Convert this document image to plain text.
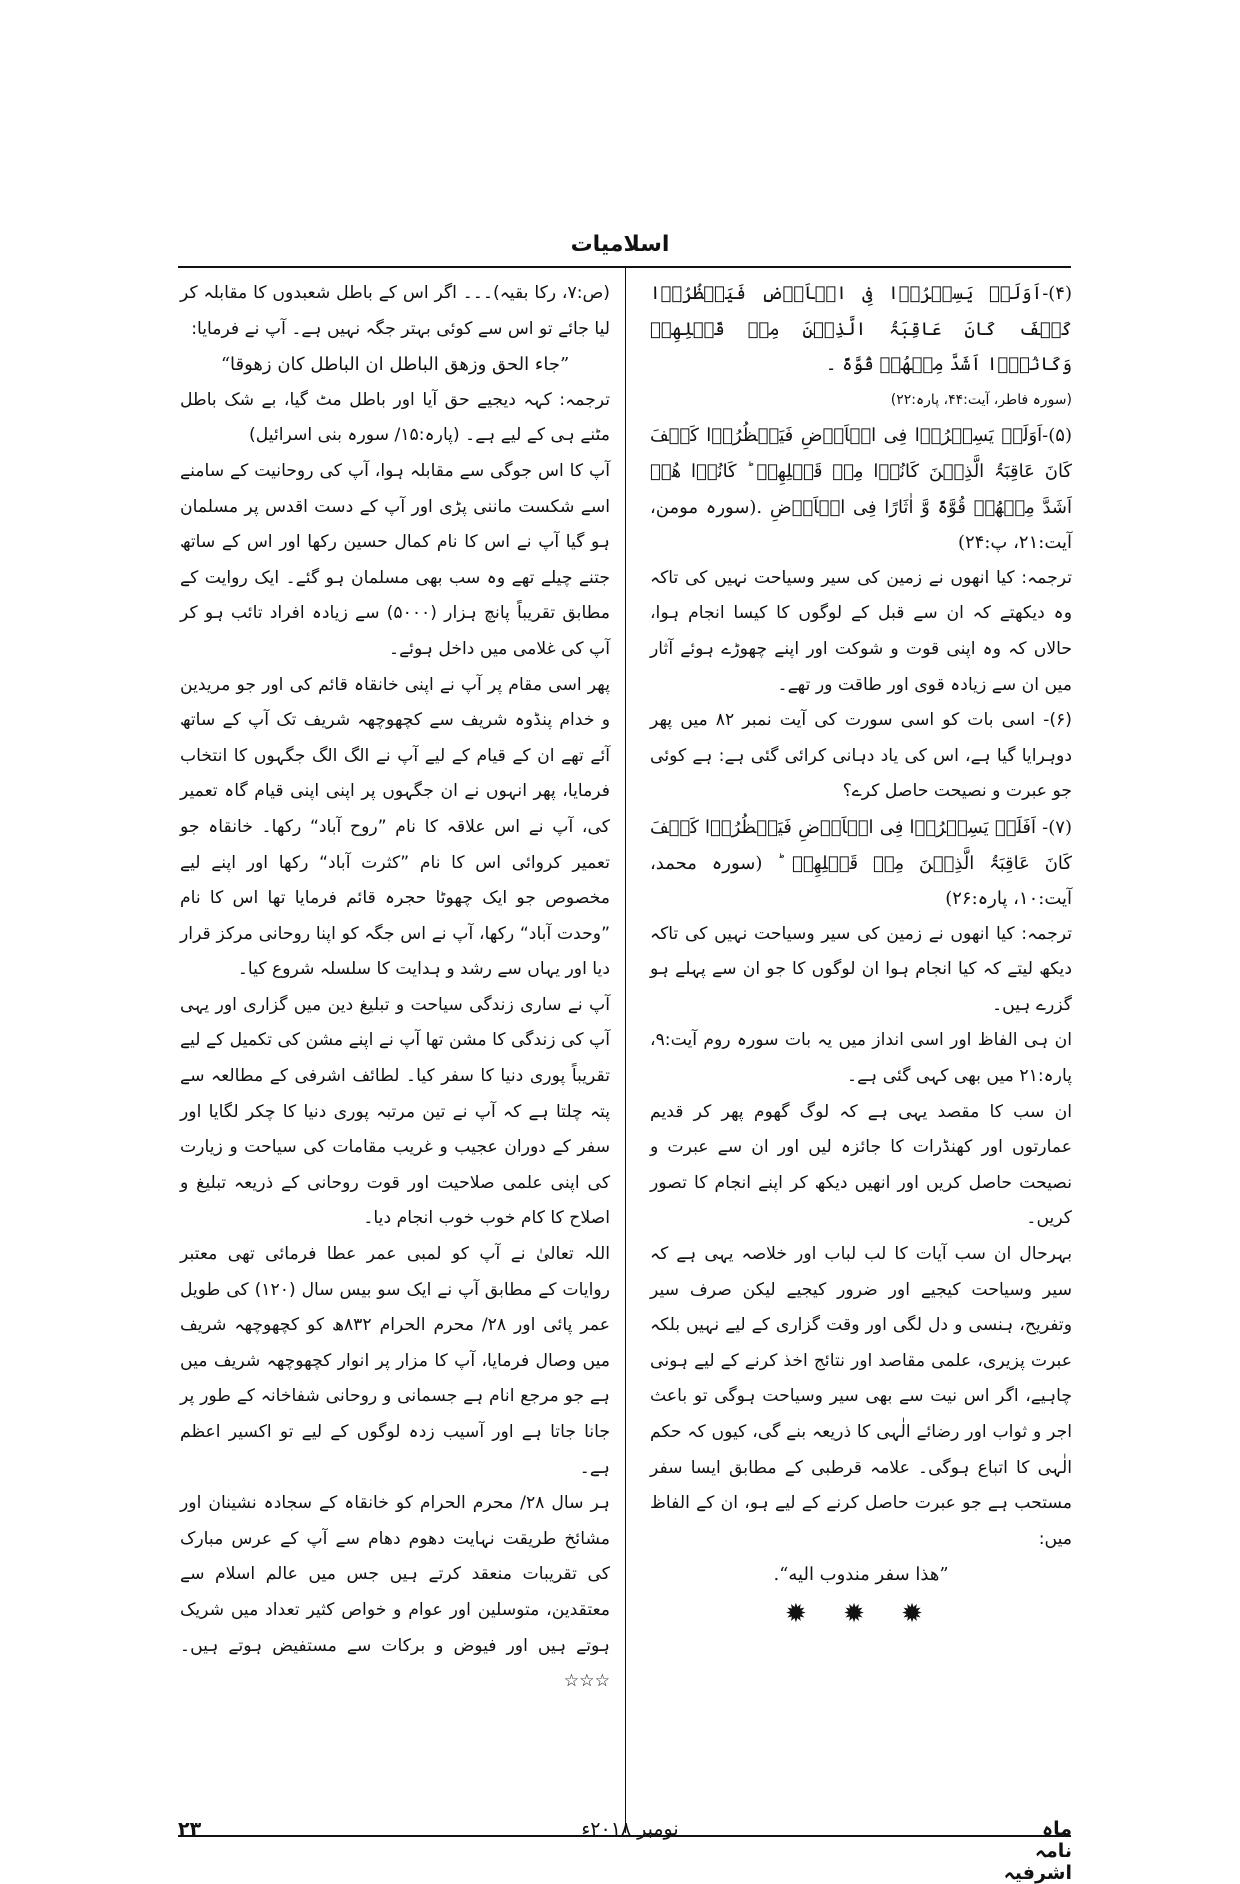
اسلامیات

(۴)-اَوَلَمۡ یَسِیۡرُوۡا فِی الۡاَرۡضِ فَیَنۡظُرُوۡا کَیۡفَ کَانَ عَاقِبَۃُ الَّذِیۡنَ مِنۡ قَبۡلِهِمۡ وَکَانُوۡۤا اَشَدَّ مِنۡهُمۡ قُوَّۃً ۔

(سورہ فاطر، آیت:۴۴، پارہ:۲۲)

(۵)-اَوَلَمۡ یَسِیۡرُوۡا فِی الۡاَرۡضِ فَیَنۡظُرُوۡا کَیۡفَ کَانَ عَاقِبَۃُ الَّذِیۡنَ کَانُوۡا مِنۡ قَبۡلِهِمۡ ؕ کَانُوۡا هُمۡ اَشَدَّ مِنۡهُمۡ قُوَّۃً وَّ اٰثَارًا فِی الۡاَرۡضِ .(سورہ مومن، آیت:۲۱، پ:۲۴)

ترجمہ: کیا انھوں نے زمین کی سیر وسیاحت نہیں کی تاکہ وہ دیکھتے کہ ان سے قبل کے لوگوں کا کیسا انجام ہوا، حالاں کہ وہ اپنی قوت و شوکت اور اپنے چھوڑے ہوئے آثار میں ان سے زیادہ قوی اور طاقت ور تھے۔

(۶)- اسی بات کو اسی سورت کی آیت نمبر ۸۲ میں پھر دوہرایا گیا ہے، اس کی یاد دہانی کرائی گئی ہے: ہے کوئی جو عبرت و نصیحت حاصل کرے؟

(۷)- اَفَلَمۡ یَسِیۡرُوۡا فِی الۡاَرۡضِ فَیَنۡظُرُوۡا کَیۡفَ کَانَ عَاقِبَۃُ الَّذِیۡنَ مِنۡ قَبۡلِهِمۡ ؕ (سورہ محمد، آیت:۱۰، پارہ:۲۶)

ترجمہ: کیا انھوں نے زمین کی سیر وسیاحت نہیں کی تاکہ دیکھ لیتے کہ کیا انجام ہوا ان لوگوں کا جو ان سے پہلے ہو گزرے ہیں۔

ان ہی الفاظ اور اسی انداز میں یہ بات سورہ روم آیت:۹، پارہ:۲۱ میں بھی کہی گئی ہے۔

ان سب کا مقصد یہی ہے کہ لوگ گھوم پھر کر قدیم عمارتوں اور کھنڈرات کا جائزہ لیں اور ان سے عبرت و نصیحت حاصل کریں اور انھیں دیکھ کر اپنے انجام کا تصور کریں۔

بہرحال ان سب آیات کا لب لباب اور خلاصہ یہی ہے کہ سیر وسیاحت کیجیے اور ضرور کیجیے لیکن صرف سیر وتفریح، ہنسی و دل لگی اور وقت گزاری کے لیے نہیں بلکہ عبرت پزیری، علمی مقاصد اور نتائج اخذ کرنے کے لیے ہونی چاہیے، اگر اس نیت سے بھی سیر وسیاحت ہوگی تو باعث اجر و ثواب اور رضائے الٰہی کا ذریعہ بنے گی، کیوں کہ حکم الٰہی کا اتباع ہوگی۔ علامہ قرطبی کے مطابق ایسا سفر مستحب ہے جو عبرت حاصل کرنے کے لیے ہو، ان کے الفاظ میں:

”هذا سفر مندوب اليه“.

✹ ✹ ✹

(ص:۷، رکا بقیہ)۔۔۔ اگر اس کے باطل شعبدوں کا مقابلہ کر لیا جائے تو اس سے کوئی بہتر جگہ نہیں ہے۔ آپ نے فرمایا:

”جاء الحق وزهق الباطل ان الباطل كان زهوقا“

ترجمہ: کہہ دیجیے حق آیا اور باطل مٹ گیا، بے شک باطل مٹنے ہی کے لیے ہے۔ (پارہ:۱۵/ سورہ بنی اسرائیل)

آپ کا اس جوگی سے مقابلہ ہوا، آپ کی روحانیت کے سامنے اسے شکست ماننی پڑی اور آپ کے دست اقدس پر مسلمان ہو گیا آپ نے اس کا نام کمال حسین رکھا اور اس کے ساتھ جتنے چیلے تھے وہ سب بھی مسلمان ہو گئے۔ ایک روایت کے مطابق تقریباً پانچ ہزار (۵۰۰۰) سے زیادہ افراد تائب ہو کر آپ کی غلامی میں داخل ہوئے۔

پھر اسی مقام پر آپ نے اپنی خانقاہ قائم کی اور جو مریدین و خدام پنڈوہ شریف سے کچھوچھہ شریف تک آپ کے ساتھ آئے تھے ان کے قیام کے لیے آپ نے الگ الگ جگہوں کا انتخاب فرمایا، پھر انہوں نے ان جگہوں پر اپنی اپنی قیام گاہ تعمیر کی، آپ نے اس علاقہ کا نام ”روح آباد“ رکھا۔ خانقاہ جو تعمیر کروائی اس کا نام ”کثرت آباد“ رکھا اور اپنے لیے مخصوص جو ایک چھوٹا حجرہ قائم فرمایا تھا اس کا نام ”وحدت آباد“ رکھا، آپ نے اس جگہ کو اپنا روحانی مرکز قرار دیا اور یہاں سے رشد و ہدایت کا سلسلہ شروع کیا۔

آپ نے ساری زندگی سیاحت و تبلیغ دین میں گزاری اور یہی آپ کی زندگی کا مشن تھا آپ نے اپنے مشن کی تکمیل کے لیے تقریباً پوری دنیا کا سفر کیا۔ لطائف اشرفی کے مطالعہ سے پتہ چلتا ہے کہ آپ نے تین مرتبہ پوری دنیا کا چکر لگایا اور سفر کے دوران عجیب و غریب مقامات کی سیاحت و زیارت کی اپنی علمی صلاحیت اور قوت روحانی کے ذریعہ تبلیغ و اصلاح کا کام خوب خوب انجام دیا۔

اللہ تعالیٰ نے آپ کو لمبی عمر عطا فرمائی تھی معتبر روایات کے مطابق آپ نے ایک سو بیس سال (۱۲۰) کی طویل عمر پائی اور ۲۸/ محرم الحرام ۸۳۲ھ کو کچھوچھہ شریف میں وصال فرمایا، آپ کا مزار پر انوار کچھوچھہ شریف میں ہے جو مرجع انام ہے جسمانی و روحانی شفاخانہ کے طور پر جانا جاتا ہے اور آسیب زدہ لوگوں کے لیے تو اکسیر اعظم ہے۔

ہر سال ۲۸/ محرم الحرام کو خانقاہ کے سجادہ نشینان اور مشائخ طریقت نہایت دھوم دھام سے آپ کے عرس مبارک کی تقریبات منعقد کرتے ہیں جس میں عالم اسلام سے معتقدین، متوسلین اور عوام و خواص کثیر تعداد میں شریک ہوتے ہیں اور فیوض و برکات سے مستفیض ہوتے ہیں۔ ☆☆☆

ماہ نامہ اشرفیہ
نومبر ۲۰۱۸ء
۲۳
